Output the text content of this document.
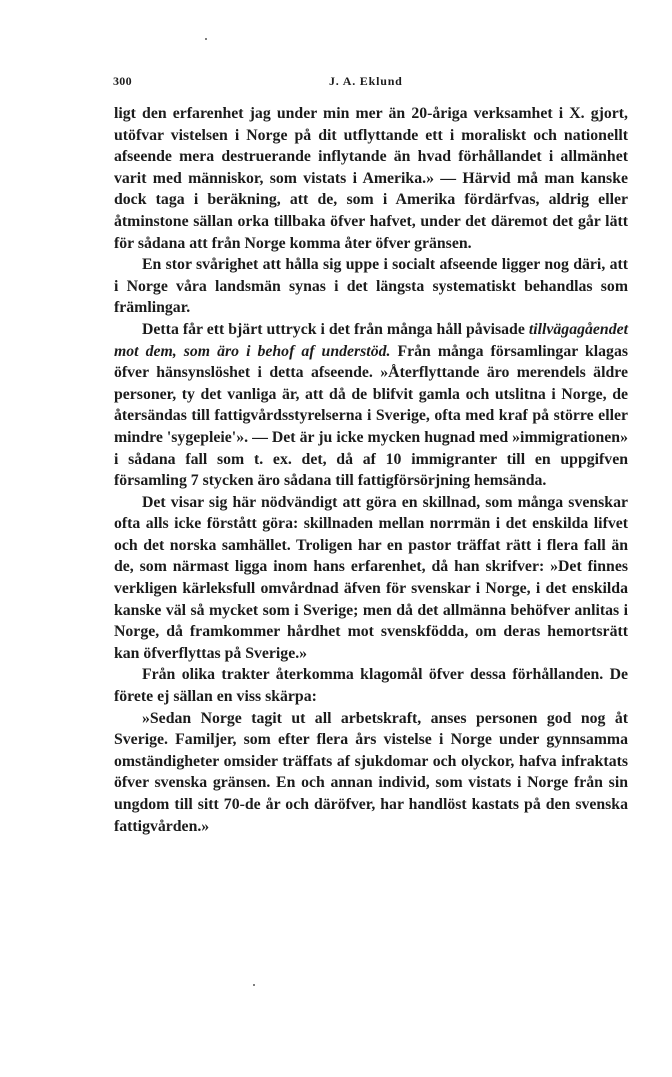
300	J. A. Eklund

ligt den erfarenhet jag under min mer än 20-åriga verksamhet i X. gjort, utöfvar vistelsen i Norge på dit utflyttande ett i moraliskt och nationellt afseende mera destruerande inflytande än hvad förhållandet i allmänhet varit med människor, som vistats i Amerika.» — Härvid må man kanske dock taga i beräkning, att de, som i Amerika fördärfvas, aldrig eller åtminstone sällan orka tillbaka öfver hafvet, under det däremot det går lätt för sådana att från Norge komma åter öfver gränsen.

En stor svårighet att hålla sig uppe i socialt afseende ligger nog däri, att i Norge våra landsmän synas i det längsta systematiskt behandlas som främlingar.

Detta får ett bjärt uttryck i det från många håll påvisade tillvägagåendet mot dem, som äro i behof af understöd. Från många församlingar klagas öfver hänsynslöshet i detta afseende. »Återflyttande äro merendels äldre personer, ty det vanliga är, att då de blifvit gamla och utslitna i Norge, de återsändas till fattigvårdsstyrelserna i Sverige, ofta med kraf på större eller mindre 'sygepleie'». — Det är ju icke mycken hugnad med »immigrationen» i sådana fall som t. ex. det, då af 10 immigranter till en uppgifven församling 7 stycken äro sådana till fattigförsörjning hemsända.

Det visar sig här nödvändigt att göra en skillnad, som många svenskar ofta alls icke förstått göra: skillnaden mellan norrmän i det enskilda lifvet och det norska samhället. Troligen har en pastor träffat rätt i flera fall än de, som närmast ligga inom hans erfarenhet, då han skrifver: »Det finnes verkligen kärleksfull omvårdnad äfven för svenskar i Norge, i det enskilda kanske väl så mycket som i Sverige; men då det allmänna behöfver anlitas i Norge, då framkommer hårdhet mot svenskfödda, om deras hemortsrätt kan öfverflyttas på Sverige.»

Från olika trakter återkomma klagomål öfver dessa förhållanden. De förete ej sällan en viss skärpa:

»Sedan Norge tagit ut all arbetskraft, anses personen god nog åt Sverige. Familjer, som efter flera års vistelse i Norge under gynnsamma omständigheter omsider träffats af sjukdomar och olyckor, hafva infraktats öfver svenska gränsen. En och annan individ, som vistats i Norge från sin ungdom till sitt 70-de år och däröfver, har handlöst kastats på den svenska fattigvården.»
